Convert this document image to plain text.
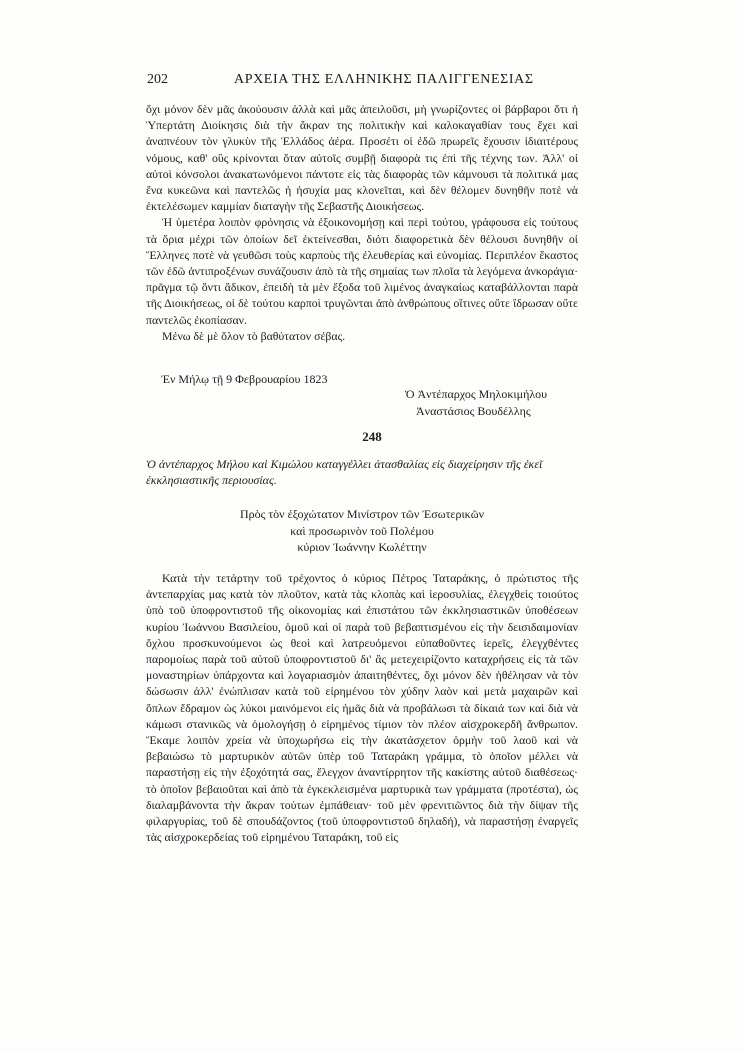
202	ΑΡΧΕΙΑ ΤΗΣ ΕΛΛΗΝΙΚΗΣ ΠΑΛΙΓΓΕΝΕΣΙΑΣ

ὄχι μόνον δὲν μᾶς ἀκούουσιν ἀλλὰ καὶ μᾶς ἀπειλοῦσι, μὴ γνωρίζοντες οἱ βάρβαροι ὅτι ἡ Ὑπερτάτη Διοίκησις διὰ τὴν ἄκραν της πολιτικὴν καὶ καλοκαγαθίαν τους ἔχει καὶ ἀναπνέουν τὸν γλυκὺν τῆς Ἑλλάδος ἀέρα. Προσέτι οἱ ἐδῶ πρωρεῖς ἔχουσιν ἰδιαιτέρους νόμους, καθ' οὓς κρίνονται ὅταν αὐτοῖς συμβῇ διαφορὰ τις ἐπὶ τῆς τέχνης των. Ἀλλ' οἱ αὐτοὶ κόνσολοι ἀνακατωνόμενοι πάντοτε εἰς τὰς διαφορὰς τῶν κάμνουσι τὰ πολιτικά μας ἕνα κυκεῶνα καὶ παντελῶς ἡ ἡσυχία μας κλονεῖται, καὶ δὲν θέλομεν δυνηθῆν ποτὲ νὰ ἐκτελέσωμεν καμμίαν διαταγὴν τῆς Σεβαστῆς Διοικήσεως.

Ἡ ὑμετέρα λοιπὸν φρόνησις νὰ ἐξοικονομήσῃ καὶ περὶ τούτου, γράφουσα εἰς τούτους τὰ ὅρια μέχρι τῶν ὁποίων δεῖ ἐκτείνεσθαι, διότι διαφορετικὰ δὲν θέλουσι δυνηθῆν οἱ Ἕλληνες ποτὲ νὰ γευθῶσι τοὺς καρποὺς τῆς ἐλευθερίας καὶ εὐνομίας. Περιπλέον ἕκαστος τῶν ἐδῶ ἀντιπροξένων συνάζουσιν ἀπὸ τὰ τῆς σημαίας των πλοῖα τὰ λεγόμενα ἀνκοράγια· πρᾶγμα τῷ ὄντι ἄδικον, ἐπειδὴ τὰ μὲν ἔξοδα τοῦ λιμένος ἀναγκαίως καταβάλλονται παρὰ τῆς Διοικήσεως, οἱ δὲ τούτου καρποὶ τρυγῶνται ἀπὸ ἀνθρώπους οἵτινες οὔτε ἵδρωσαν οὔτε παντελῶς ἐκοπίασαν.

Μένω δὲ μὲ ὅλον τὸ βαθύτατον σέβας.

Ἐν Μήλῳ τῇ 9 Φεβρουαρίου 1823
Ὁ Ἀντέπαρχος Μηλοκιμήλου
Ἀναστάσιος Βουδέλλης
248
Ὁ ἀντέπαρχος Μήλου καὶ Κιμώλου καταγγέλλει ἀτασθαλίας εἰς διαχείρησιν τῆς ἐκεῖ ἐκκλησιαστικῆς περιουσίας.
Πρὸς τὸν ἐξοχώτατον Μινίστρον τῶν Ἐσωτερικῶν
καὶ προσωρινὸν τοῦ Πολέμου
κύριον Ἰωάννην Κωλέττην

Κατὰ τὴν τετάρτην τοῦ τρέχοντος ὁ κύριος Πέτρος Ταταράκης, ὁ πρώτιστος τῆς ἀντεπαρχίας μας κατὰ τὸν πλοῦτον, κατὰ τὰς κλοπὰς καὶ ἱεροσυλίας, ἐλεγχθεὶς τοιούτος ὑπὸ τοῦ ὑποφροντιστοῦ τῆς οἰκονομίας καὶ ἐπιστάτου τῶν ἐκκλησιαστικῶν ὑποθέσεων κυρίου Ἰωάννου Βασιλείου, ὁμοῦ καὶ οἱ παρὰ τοῦ βεβαπτισμένου εἰς τὴν δεισιδαιμονίαν ὄχλου προσκυνούμενοι ὡς θεοὶ καὶ λατρευόμενοι εὐπαθοῦντες ἱερεῖς, ἐλεγχθέντες παρομοίως παρὰ τοῦ αὐτοῦ ὑποφροντιστοῦ δι' ἃς μετεχειρίζοντο καταχρήσεις εἰς τὰ τῶν μοναστηρίων ὑπάρχοντα καὶ λογαριασμὸν ἀπαιτηθέντες, ὄχι μόνον δὲν ἠθέλησαν νὰ τὸν δώσωσιν ἀλλ' ἐνώπλισαν κατὰ τοῦ εἰρημένου τὸν χύδην λαὸν καὶ μετὰ μαχαιρῶν καὶ ὅπλων ἔδραμον ὡς λύκοι μαινόμενοι εἰς ἡμᾶς διὰ νὰ προβάλωσι τὰ δίκαιά των καὶ διὰ νὰ κάμωσι στανικῶς νὰ ὁμολογήσῃ ὁ εἰρημένος τίμιον τὸν πλέον αἰσχροκερδῆ ἄνθρωπον. Ἔκαμε λοιπὸν χρεία νὰ ὑποχωρήσω εἰς τὴν ἀκατάσχετον ὁρμὴν τοῦ λαοῦ καὶ νὰ βεβαιώσω τὸ μαρτυρικὸν αὐτῶν ὑπὲρ τοῦ Ταταράκη γράμμα, τὸ ὁποῖον μέλλει νὰ παραστήσῃ εἰς τὴν ἐξοχότητά σας, ἔλεγχον ἀναντίρρητον τῆς κακίστης αὐτοῦ διαθέσεως· τὸ ὁποῖον βεβαιοῦται καὶ ἀπὸ τὰ ἐγκεκλεισμένα μαρτυρικὰ των γράμματα (προτέστα), ὡς διαλαμβάνοντα τὴν ἄκραν τούτων ἐμπάθειαν· τοῦ μὲν φρενιτιῶντος διὰ τὴν δίψαν τῆς φιλαργυρίας, τοῦ δὲ σπουδάζοντος (τοῦ ὑποφροντιστοῦ δηλαδή), νὰ παραστήσῃ ἐναργεῖς τὰς αἰσχροκερδείας τοῦ εἰρημένου Ταταράκη, τοῦ εἰς
